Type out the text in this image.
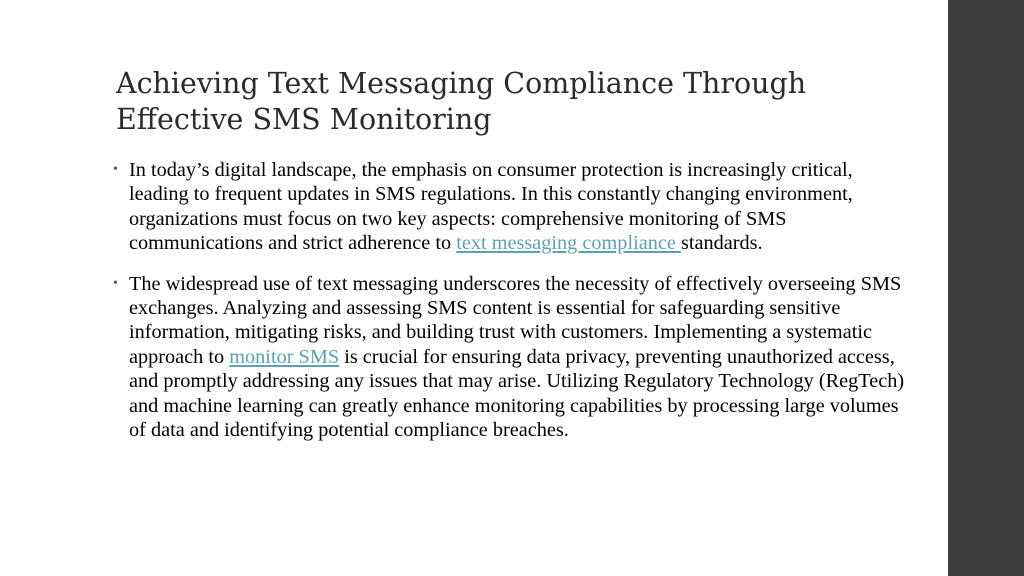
Achieving Text Messaging Compliance Through
Effective SMS Monitoring
• In today’s digital landscape, the emphasis on consumer protection is increasingly critical, leading to frequent updates in SMS regulations. In this constantly changing environment, organizations must focus on two key aspects: comprehensive monitoring of SMS communications and strict adherence to text messaging compliance standards.
• The widespread use of text messaging underscores the necessity of effectively overseeing SMS exchanges. Analyzing and assessing SMS content is essential for safeguarding sensitive information, mitigating risks, and building trust with customers. Implementing a systematic approach to monitor SMS is crucial for ensuring data privacy, preventing unauthorized access, and promptly addressing any issues that may arise. Utilizing Regulatory Technology (RegTech) and machine learning can greatly enhance monitoring capabilities by processing large volumes of data and identifying potential compliance breaches.
